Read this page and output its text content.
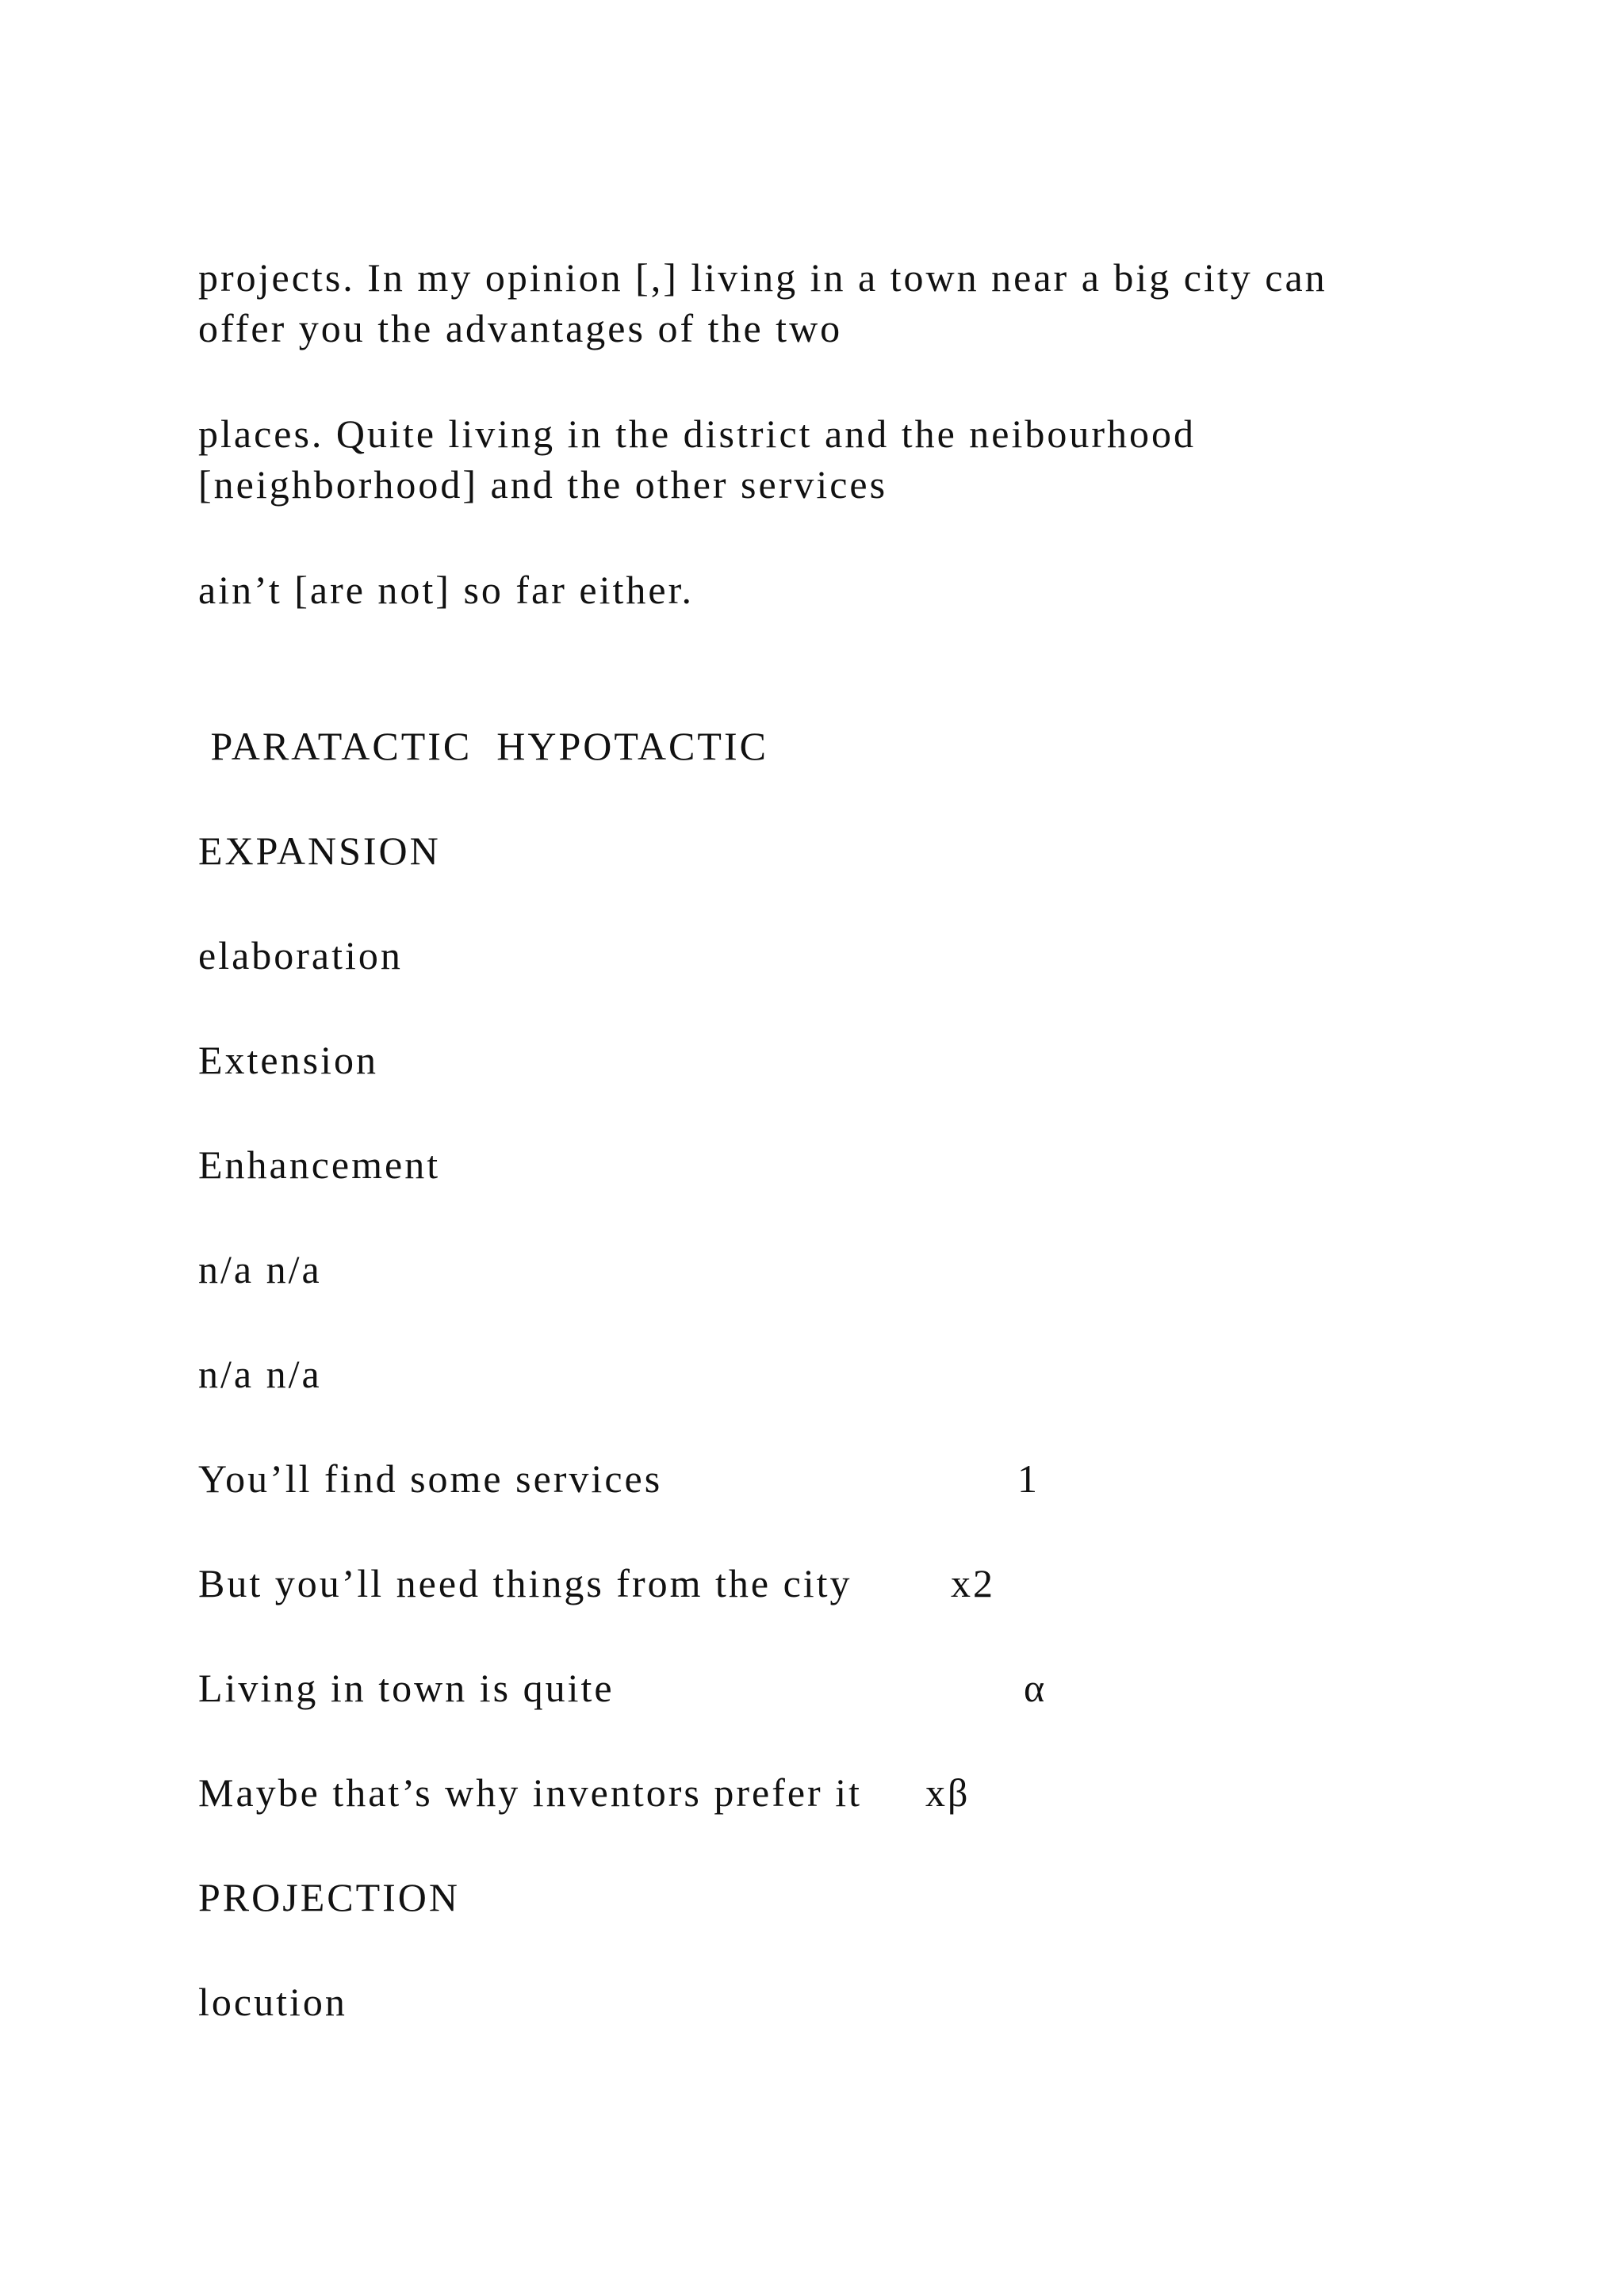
projects. In my opinion [,] living in a town near a big city can

offer you the advantages of the two

places. Quite living in the district and the neibourhood

[neighborhood] and the other services

ain’t [are not] so far either.

PARATACTIC  HYPOTACTIC

EXPANSION

elaboration

Extension

Enhancement

n/a n/a

n/a n/a

You’ll find some services	1

But you’ll need things from the city x2

Living in town is quite	α

Maybe that’s why inventors prefer it xβ

PROJECTION

locution
